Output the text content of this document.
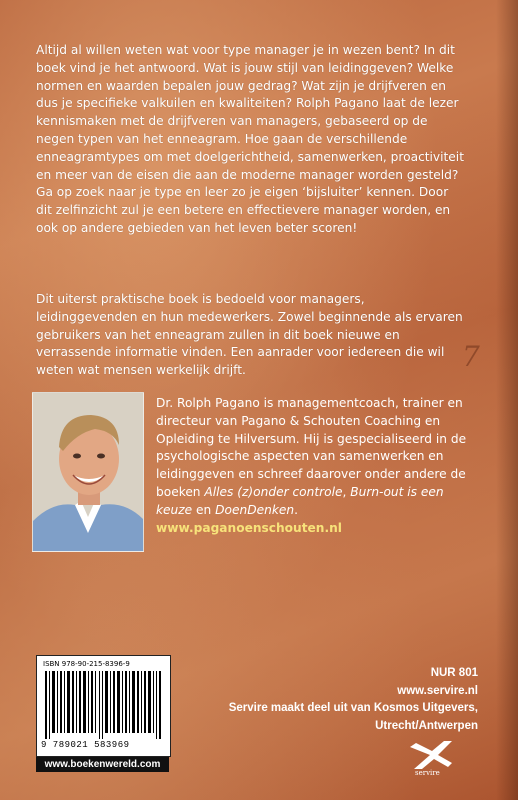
7
Altijd al willen weten wat voor type manager je in wezen bent? In dit boek vind je het antwoord. Wat is jouw stijl van leidinggeven? Welke normen en waarden bepalen jouw gedrag? Wat zijn je drijfveren en dus je specifieke valkuilen en kwaliteiten? Rolph Pagano laat de lezer kennismaken met de drijfveren van managers, gebaseerd op de negen typen van het enneagram. Hoe gaan de verschillende enneagramtypes om met doelgerichtheid, samenwerken, proactiviteit en meer van de eisen die aan de moderne manager worden gesteld? Ga op zoek naar je type en leer zo je eigen ‘bijsluiter’ kennen. Door dit zelfinzicht zul je een betere en effectievere manager worden, en ook op andere gebieden van het leven beter scoren!
Dit uiterst praktische boek is bedoeld voor managers, leidinggevenden en hun medewerkers. Zowel beginnende als ervaren gebruikers van het enneagram zullen in dit boek nieuwe en verrassende informatie vinden. Een aanrader voor iedereen die wil weten wat mensen werkelijk drijft.
Dr. Rolph Pagano is managementcoach, trainer en directeur van Pagano & Schouten Coaching en Opleiding te Hilversum. Hij is gespecialiseerd in de psychologische aspecten van samenwerken en leidinggeven en schreef daarover onder andere de boeken Alles (z)onder controle, Burn-out is een keuze en DoenDenken.
www.paganoenschouten.nl
ISBN 978-90-215-8396-9
9 789021 583969
www.boekenwereld.com
NUR 801
www.servire.nl
Servire maakt deel uit van Kosmos Uitgevers,
Utrecht/Antwerpen
servire
